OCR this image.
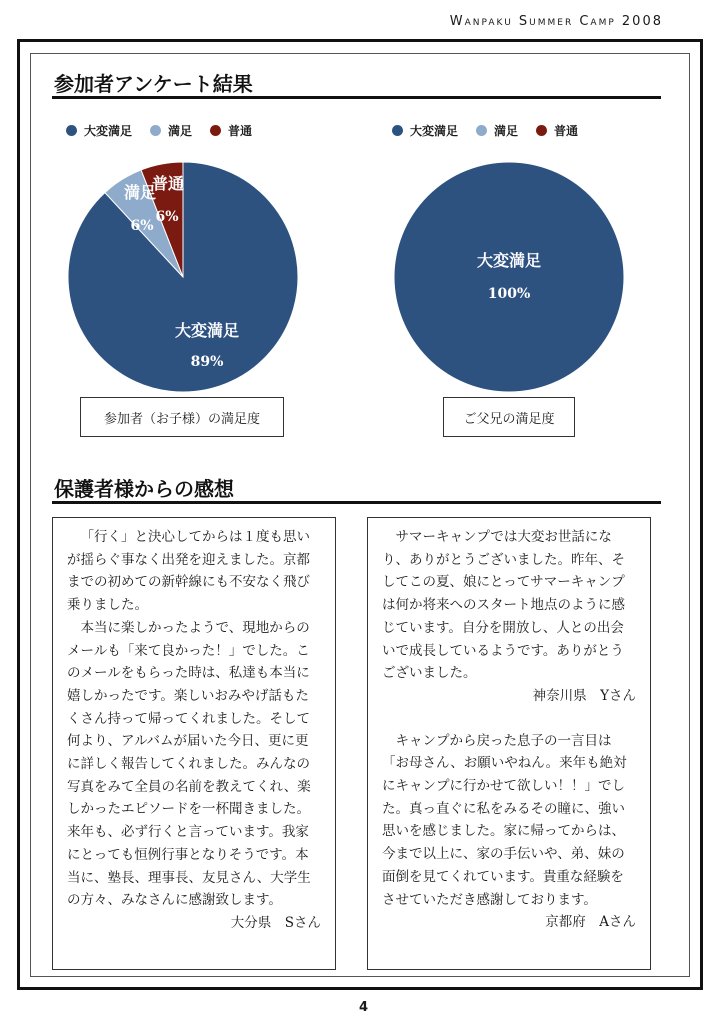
Wanpaku Summer Camp 2008
参加者アンケート結果
大変満足	満足	普通	大変満足	満足	普通
大変満足
89%
満足
6%
普通
6%
大変満足
100%
参加者（お子様）の満足度	ご父兄の満足度
保護者様からの感想

「行く」と決心してからは１度も思いが揺らぐ事なく出発を迎えました。京都までの初めての新幹線にも不安なく飛び乗りました。

本当に楽しかったようで、現地からのメールも「来て良かった！」でした。このメールをもらった時は、私達も本当に嬉しかったです。楽しいおみやげ話もたくさん持って帰ってくれました。そして何より、アルバムが届いた今日、更に更に詳しく報告してくれました。みんなの写真をみて全員の名前を教えてくれ、楽しかったエピソードを一杯聞きました。来年も、必ず行くと言っています。我家にとっても恒例行事となりそうです。本当に、塾長、理事長、友見さん、大学生の方々、みなさんに感謝致します。

大分県　Sさん

サマーキャンプでは大変お世話になり、ありがとうございました。昨年、そしてこの夏、娘にとってサマーキャンプは何か将来へのスタート地点のように感じています。自分を開放し、人との出会いで成長しているようです。ありがとうございました。

神奈川県　Yさん

キャンプから戻った息子の一言目は「お母さん、お願いやねん。来年も絶対にキャンプに行かせて欲しい！！」でした。真っ直ぐに私をみるその瞳に、強い思いを感じました。家に帰ってからは、今まで以上に、家の手伝いや、弟、妹の面倒を見てくれています。貴重な経験をさせていただき感謝しております。

京都府　Aさん

4
